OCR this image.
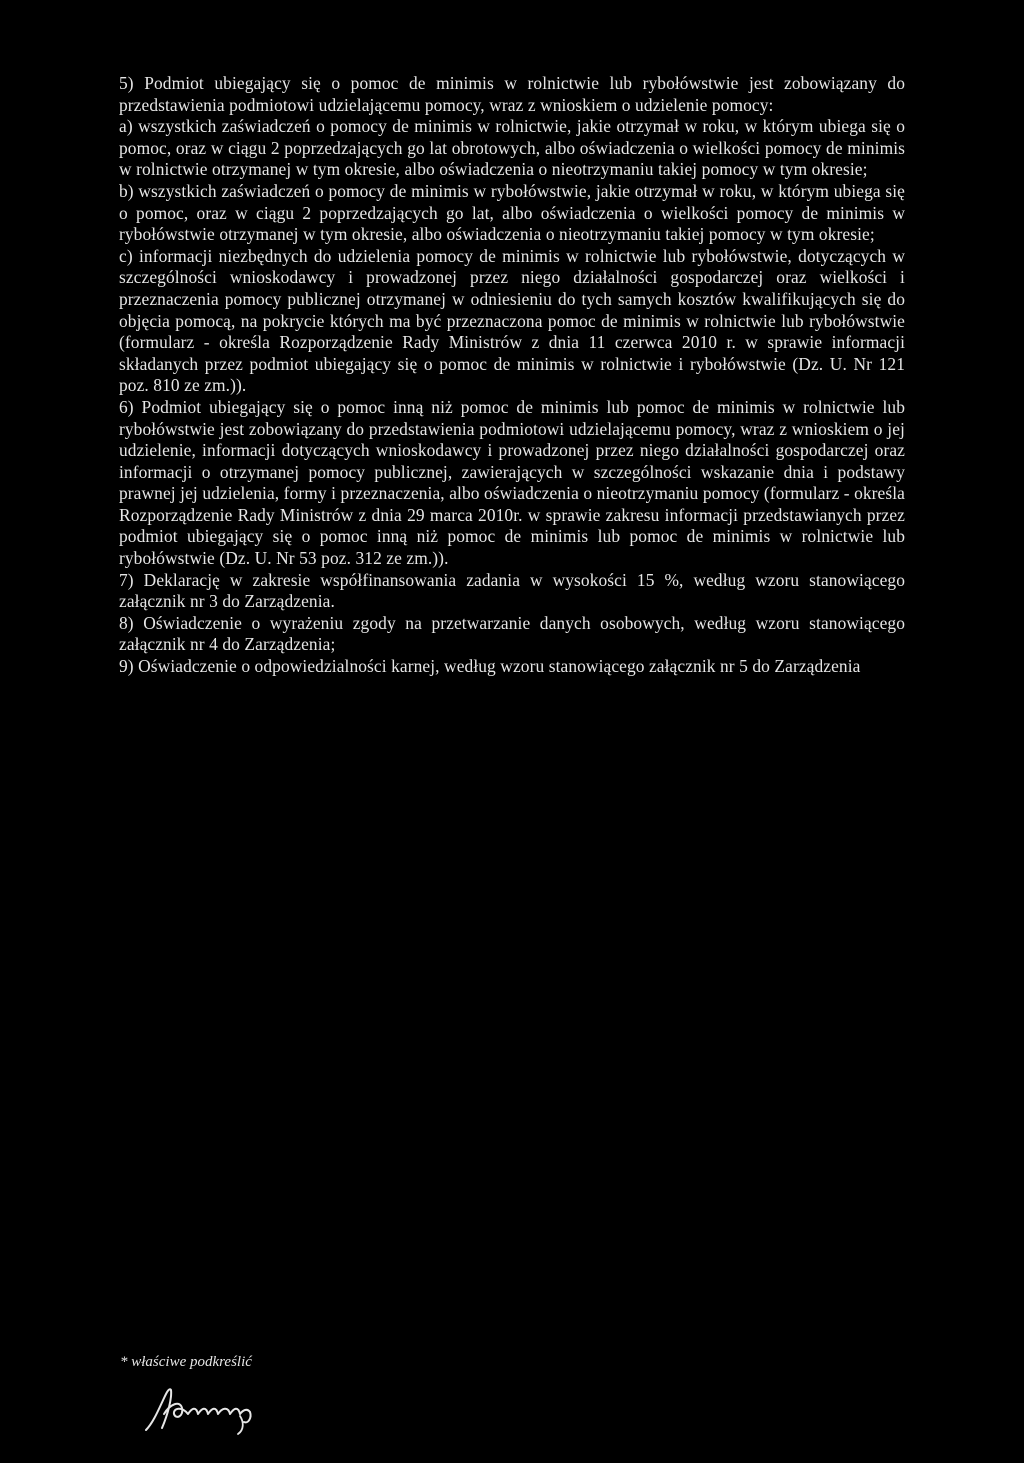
5) Podmiot ubiegający się o pomoc de minimis w rolnictwie lub rybołówstwie jest zobowiązany do przedstawienia podmiotowi udzielającemu pomocy, wraz z wnioskiem o udzielenie pomocy:

a) wszystkich zaświadczeń o pomocy de minimis w rolnictwie, jakie otrzymał w roku, w którym ubiega się o pomoc, oraz w ciągu 2 poprzedzających go lat obrotowych, albo oświadczenia o wielkości pomocy de minimis w rolnictwie otrzymanej w tym okresie, albo oświadczenia o nieotrzymaniu takiej pomocy w tym okresie;

b) wszystkich zaświadczeń o pomocy de minimis w rybołówstwie, jakie otrzymał w roku, w którym ubiega się o pomoc, oraz w ciągu 2 poprzedzających go lat, albo oświadczenia o wielkości pomocy de minimis w rybołówstwie otrzymanej w tym okresie, albo oświadczenia o nieotrzymaniu takiej pomocy w tym okresie;

c) informacji niezbędnych do udzielenia pomocy de minimis w rolnictwie lub rybołówstwie, dotyczących w szczególności wnioskodawcy i prowadzonej przez niego działalności gospodarczej oraz wielkości i przeznaczenia pomocy publicznej otrzymanej w odniesieniu do tych samych kosztów kwalifikujących się do objęcia pomocą, na pokrycie których ma być przeznaczona pomoc de minimis w rolnictwie lub rybołówstwie (formularz - określa Rozporządzenie Rady Ministrów z dnia 11 czerwca 2010 r. w sprawie informacji składanych przez podmiot ubiegający się o pomoc de minimis w rolnictwie i rybołówstwie (Dz. U. Nr 121 poz. 810 ze zm.)).

6) Podmiot ubiegający się o pomoc inną niż pomoc de minimis lub pomoc de minimis w rolnictwie lub rybołówstwie jest zobowiązany do przedstawienia podmiotowi udzielającemu pomocy, wraz z wnioskiem o jej udzielenie, informacji dotyczących wnioskodawcy i prowadzonej przez niego działalności gospodarczej oraz informacji o otrzymanej pomocy publicznej, zawierających w szczególności wskazanie dnia i podstawy prawnej jej udzielenia, formy i przeznaczenia, albo oświadczenia o nieotrzymaniu pomocy (formularz - określa Rozporządzenie Rady Ministrów z dnia 29 marca 2010r. w sprawie zakresu informacji przedstawianych przez podmiot ubiegający się o pomoc inną niż pomoc de minimis lub pomoc de minimis w rolnictwie lub rybołówstwie (Dz. U. Nr 53 poz. 312 ze zm.)).

7) Deklarację w zakresie współfinansowania zadania w wysokości 15 %, według wzoru stanowiącego załącznik nr 3 do Zarządzenia.

8) Oświadczenie o wyrażeniu zgody na przetwarzanie danych osobowych, według wzoru stanowiącego załącznik nr 4 do Zarządzenia;

9) Oświadczenie o odpowiedzialności karnej, według wzoru stanowiącego załącznik nr 5 do Zarządzenia

* właściwe podkreślić
